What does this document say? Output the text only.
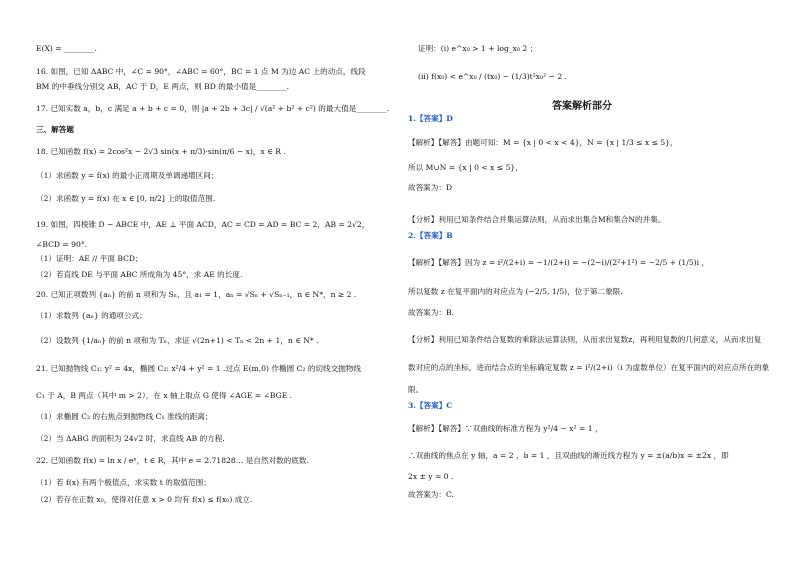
E(X) = ________.
16. 如图，已知 ΔABC 中，∠C = 90°，∠ABC = 60°，BC = 1 点 M 为边 AC 上的动点，线段
BM 的中垂线分别交 AB，AC 于 D，E 两点，则 BD 的最小值是________.
17. 已知实数 a，b，c 满足 a + b + c = 0，则 |a + 2b + 3c| / √(a² + b² + c²) 的最大值是________.
三、解答题
18. 已知函数 f(x) = 2cos²x − 2√3 sin(x + π/3)·sin(π/6 − x)，x ∈ R .
（1）求函数 y = f(x) 的最小正周期及单调递增区间；
（2）求函数 y = f(x) 在 x ∈ [0, π/2] 上的取值范围.
19. 如图，四棱锥 D − ABCE 中，AE ⊥ 平面 ACD，AC = CD = AD = BC = 2，AB = 2√2，
∠BCD = 90°.
（1）证明：AE // 平面 BCD；
（2）若直线 DE 与平面 ABC 所成角为 45°，求 AE 的长度.
20. 已知正项数列 {aₙ} 的前 n 项和为 Sₙ，且 a₁ = 1，aₙ = √Sₙ + √Sₙ₋₁，n ∈ N*，n ≥ 2 .
（1）求数列 {aₙ} 的通项公式；
（2）设数列 {1/aₙ} 的前 n 项和为 Tₙ，求证 √(2n+1) < Tₙ < 2n + 1，n ∈ N* .
21. 已知抛物线 C₁: y² = 4x，椭圆 C₂: x²/4 + y² = 1 .过点 E(m,0) 作椭圆 C₂ 的切线交抛物线
C₁ 于 A，B 两点（其中 m > 2），在 x 轴上取点 G 使得 ∠AGE = ∠BGE .
（1）求椭圆 C₂ 的右焦点到抛物线 C₁ 准线的距离；
（2）当 ΔABG 的面积为 24√2 时，求直线 AB 的方程.
22. 已知函数 f(x) = ln x / eˣ，t ∈ R，其中 e = 2.71828… 是自然对数的底数.
（1）若 f(x) 有两个极值点，求实数 t 的取值范围；
（2）若存在正数 x₀，使得对任意 x > 0 均有 f(x) ≤ f(x₀) 成立.
证明：(i) e^x₀ > 1 + log_x₀ 2 ；
(ii) f(x₀) < e^x₀ / (tx₀) − (1/3)t²x₀² − 2 .
1.【答案】D
【解析】【解答】由题可知：M = {x | 0 < x < 4}，N = {x | 1/3 ≤ x ≤ 5}，
所以 M∪N = {x | 0 < x ≤ 5}，
故答案为：D
【分析】利用已知条件结合并集运算法则，从而求出集合M和集合N的并集。
2.【答案】B
【解析】【解答】因为 z = i²/(2+i) = −1/(2+i) = −(2−i)/(2²+1²) = −2/5 + (1/5)i ，
所以复数 z 在复平面内的对应点为 (−2/5, 1/5)，位于第二象限.
故答案为：B.
【分析】利用已知条件结合复数的乘除法运算法则，从而求出复数z，再利用复数的几何意义，从而求出复
数对应的点的坐标，进而结合点的坐标确定复数 z = i²/(2+i)（i 为虚数单位）在复平面内的对应点所在的象
限。
3.【答案】C
【解析】【解答】∵双曲线的标准方程为 y²/4 − x² = 1 ，
∴双曲线的焦点在 y 轴，a = 2 ，b = 1 ，且双曲线的渐近线方程为 y = ±(a/b)x = ±2x ，即
2x ± y = 0 .
故答案为：C.
答案解析部分
